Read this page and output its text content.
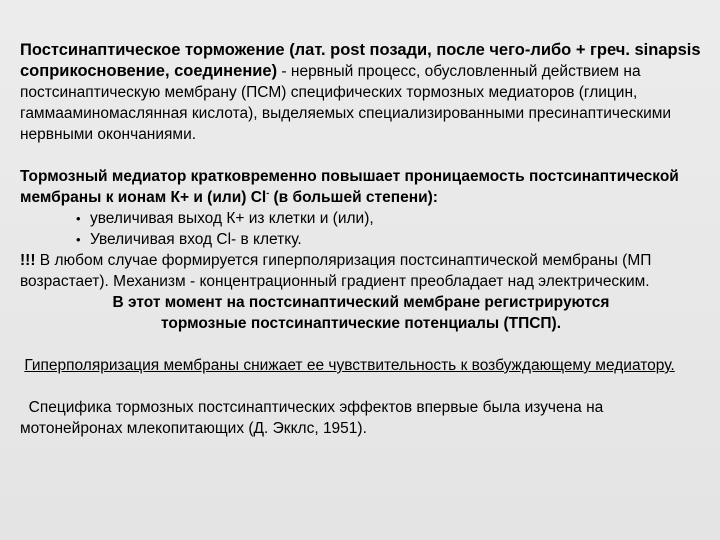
Постсинаптическое торможение (лат. post позади, после чего-либо + греч. sinapsis соприкосновение, соединение) - нервный процесс, обусловленный действием на постсинаптическую мембрану (ПСМ) специфических тормозных медиаторов (глицин, гаммааминомаслянная кислота), выделяемых специализированными пресинаптическими нервными окончаниями.

Тормозный медиатор кратковременно повышает проницаемость постсинаптической мембраны к ионам К+ и (или) Cl- (в большей степени):

• увеличивая выход К+ из клетки и (или),
• Увеличивая вход Cl- в клетку.

!!! В любом случае формируется гиперполяризация постсинаптической мембраны (МП возрастает). Механизм - концентрационный градиент преобладает над электрическим.

В этот момент на постсинаптический мембране регистрируются

тормозные постсинаптические потенциалы (ТПСП).

Гиперполяризация мембраны снижает ее чувствительность к возбуждающему медиатору.

Специфика тормозных постсинаптических эффектов впервые была изучена на мотонейронах млекопитающих (Д. Экклс, 1951).
